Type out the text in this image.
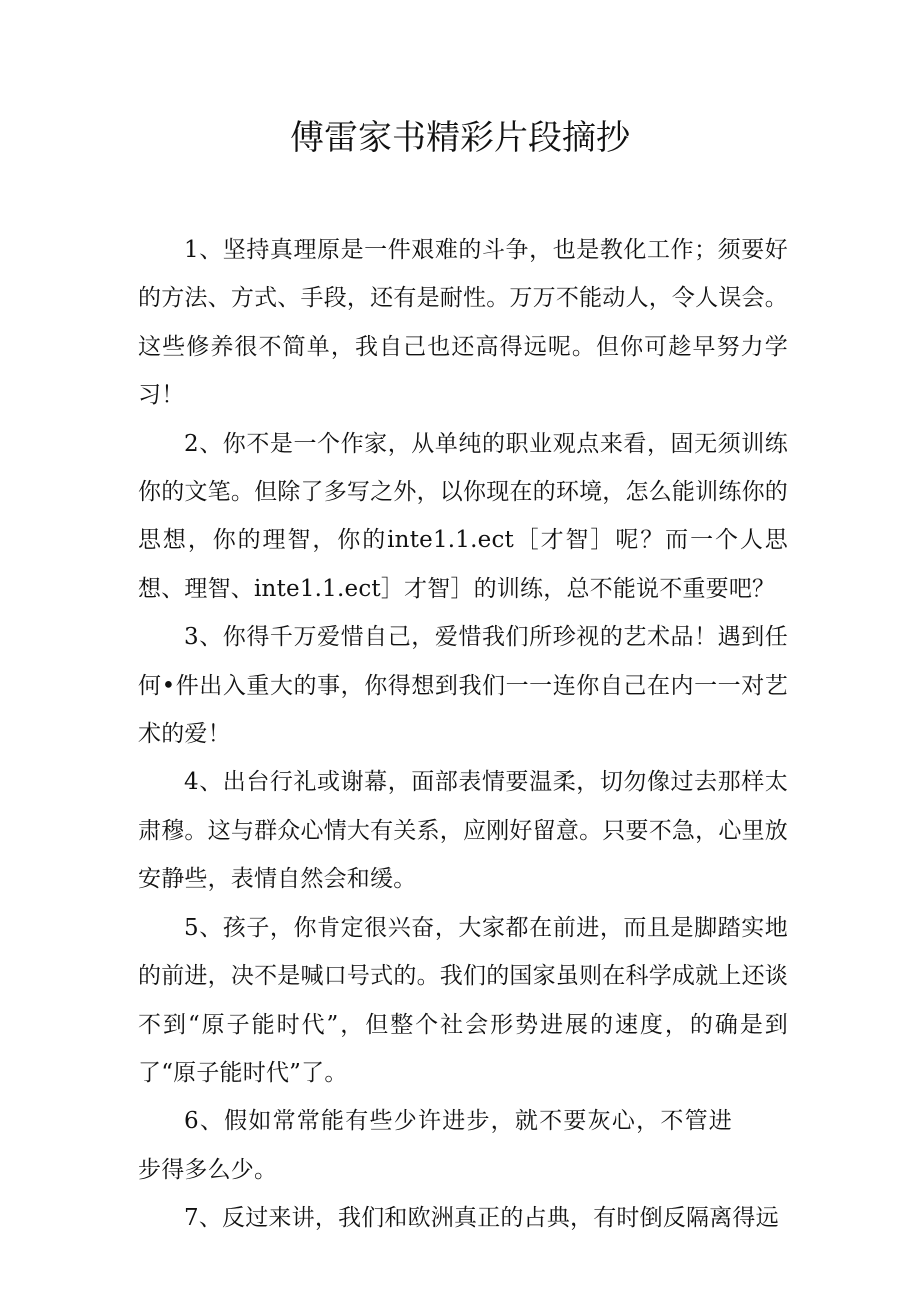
傅雷家书精彩片段摘抄

1、坚持真理原是一件艰难的斗争，也是教化工作；须要好的方法、方式、手段，还有是耐性。万万不能动人，令人误会。这些修养很不简单，我自己也还高得远呢。但你可趁早努力学习！

2、你不是一个作家，从单纯的职业观点来看，固无须训练你的文笔。但除了多写之外，以你现在的环境，怎么能训练你的思想，你的理智，你的inte1.1.ect［才智］呢？而一个人思想、理智、inte1.1.ect］才智］的训练，总不能说不重要吧？

3、你得千万爱惜自己，爱惜我们所珍视的艺术品！遇到任何•件出入重大的事，你得想到我们一一连你自己在内一一对艺术的爱！

4、出台行礼或谢幕，面部表情要温柔，切勿像过去那样太肃穆。这与群众心情大有关系，应刚好留意。只要不急，心里放安静些，表情自然会和缓。

5、孩子，你肯定很兴奋，大家都在前进，而且是脚踏实地的前进，决不是喊口号式的。我们的国家虽则在科学成就上还谈不到“原子能时代”，但整个社会形势进展的速度，的确是到了“原子能时代”了。

6、假如常常能有些少许进步，就不要灰心，不管进步得多么少。

7、反过来讲，我们和欧洲真正的占典，有时倒反隔离得远
